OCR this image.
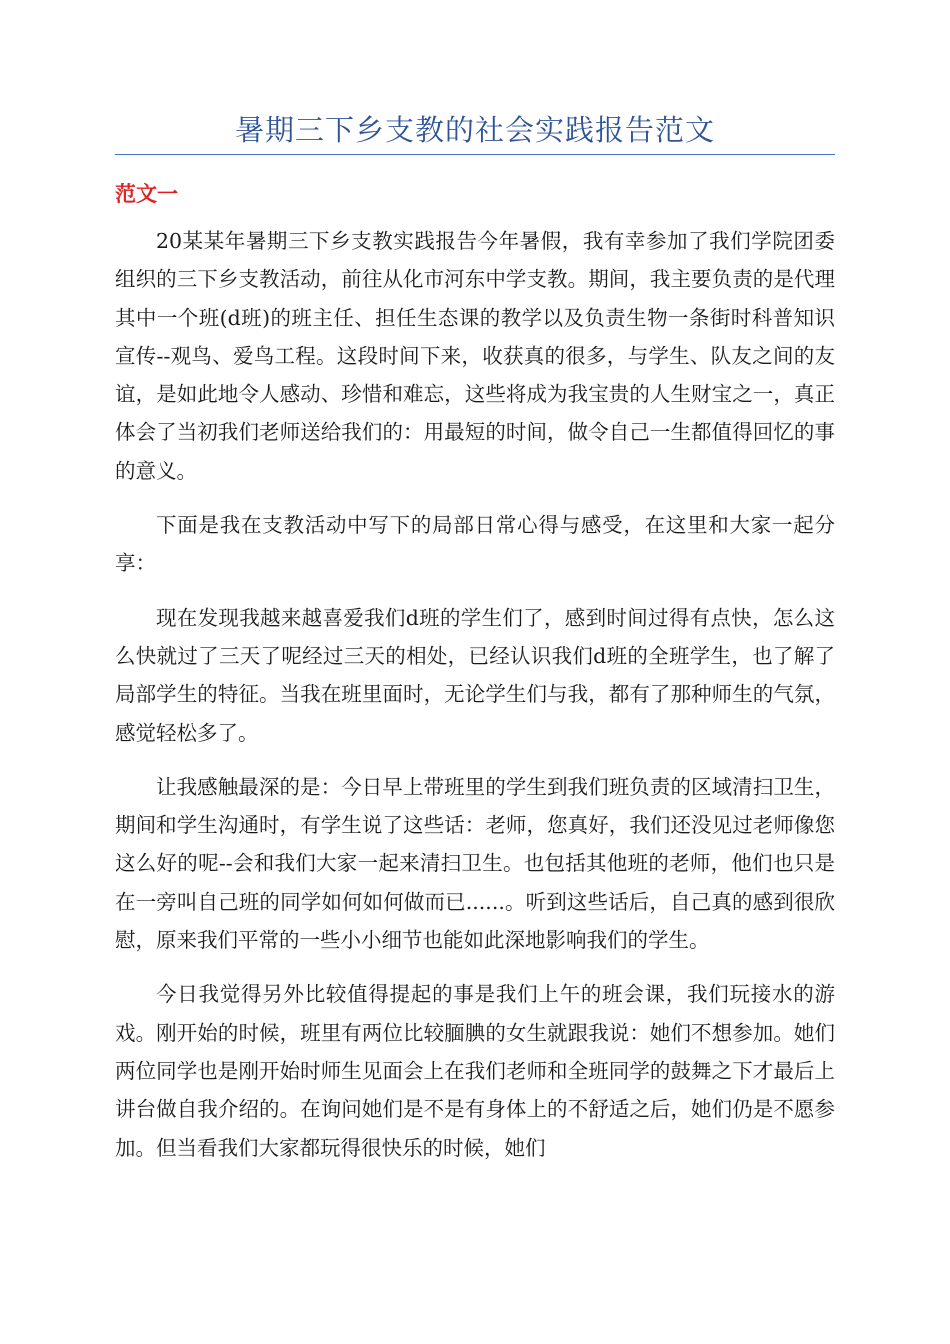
暑期三下乡支教的社会实践报告范文
范文一

20某某年暑期三下乡支教实践报告今年暑假，我有幸参加了我们学院团委组织的三下乡支教活动，前往从化市河东中学支教。期间，我主要负责的是代理其中一个班(d班)的班主任、担任生态课的教学以及负责生物一条街时科普知识宣传--观鸟、爱鸟工程。这段时间下来，收获真的很多，与学生、队友之间的友谊，是如此地令人感动、珍惜和难忘，这些将成为我宝贵的人生财宝之一，真正体会了当初我们老师送给我们的：用最短的时间，做令自己一生都值得回忆的事的意义。

下面是我在支教活动中写下的局部日常心得与感受，在这里和大家一起分享：

现在发现我越来越喜爱我们d班的学生们了，感到时间过得有点快，怎么这么快就过了三天了呢经过三天的相处，已经认识我们d班的全班学生，也了解了局部学生的特征。当我在班里面时，无论学生们与我，都有了那种师生的气氛，感觉轻松多了。

让我感触最深的是：今日早上带班里的学生到我们班负责的区域清扫卫生，期间和学生沟通时，有学生说了这些话：老师，您真好，我们还没见过老师像您这么好的呢--会和我们大家一起来清扫卫生。也包括其他班的老师，他们也只是在一旁叫自己班的同学如何如何做而已......。听到这些话后，自己真的感到很欣慰，原来我们平常的一些小小细节也能如此深地影响我们的学生。

今日我觉得另外比较值得提起的事是我们上午的班会课，我们玩接水的游戏。刚开始的时候，班里有两位比较腼腆的女生就跟我说：她们不想参加。她们两位同学也是刚开始时师生见面会上在我们老师和全班同学的鼓舞之下才最后上讲台做自我介绍的。在询问她们是不是有身体上的不舒适之后，她们仍是不愿参加。但当看我们大家都玩得很快乐的时候，她们
